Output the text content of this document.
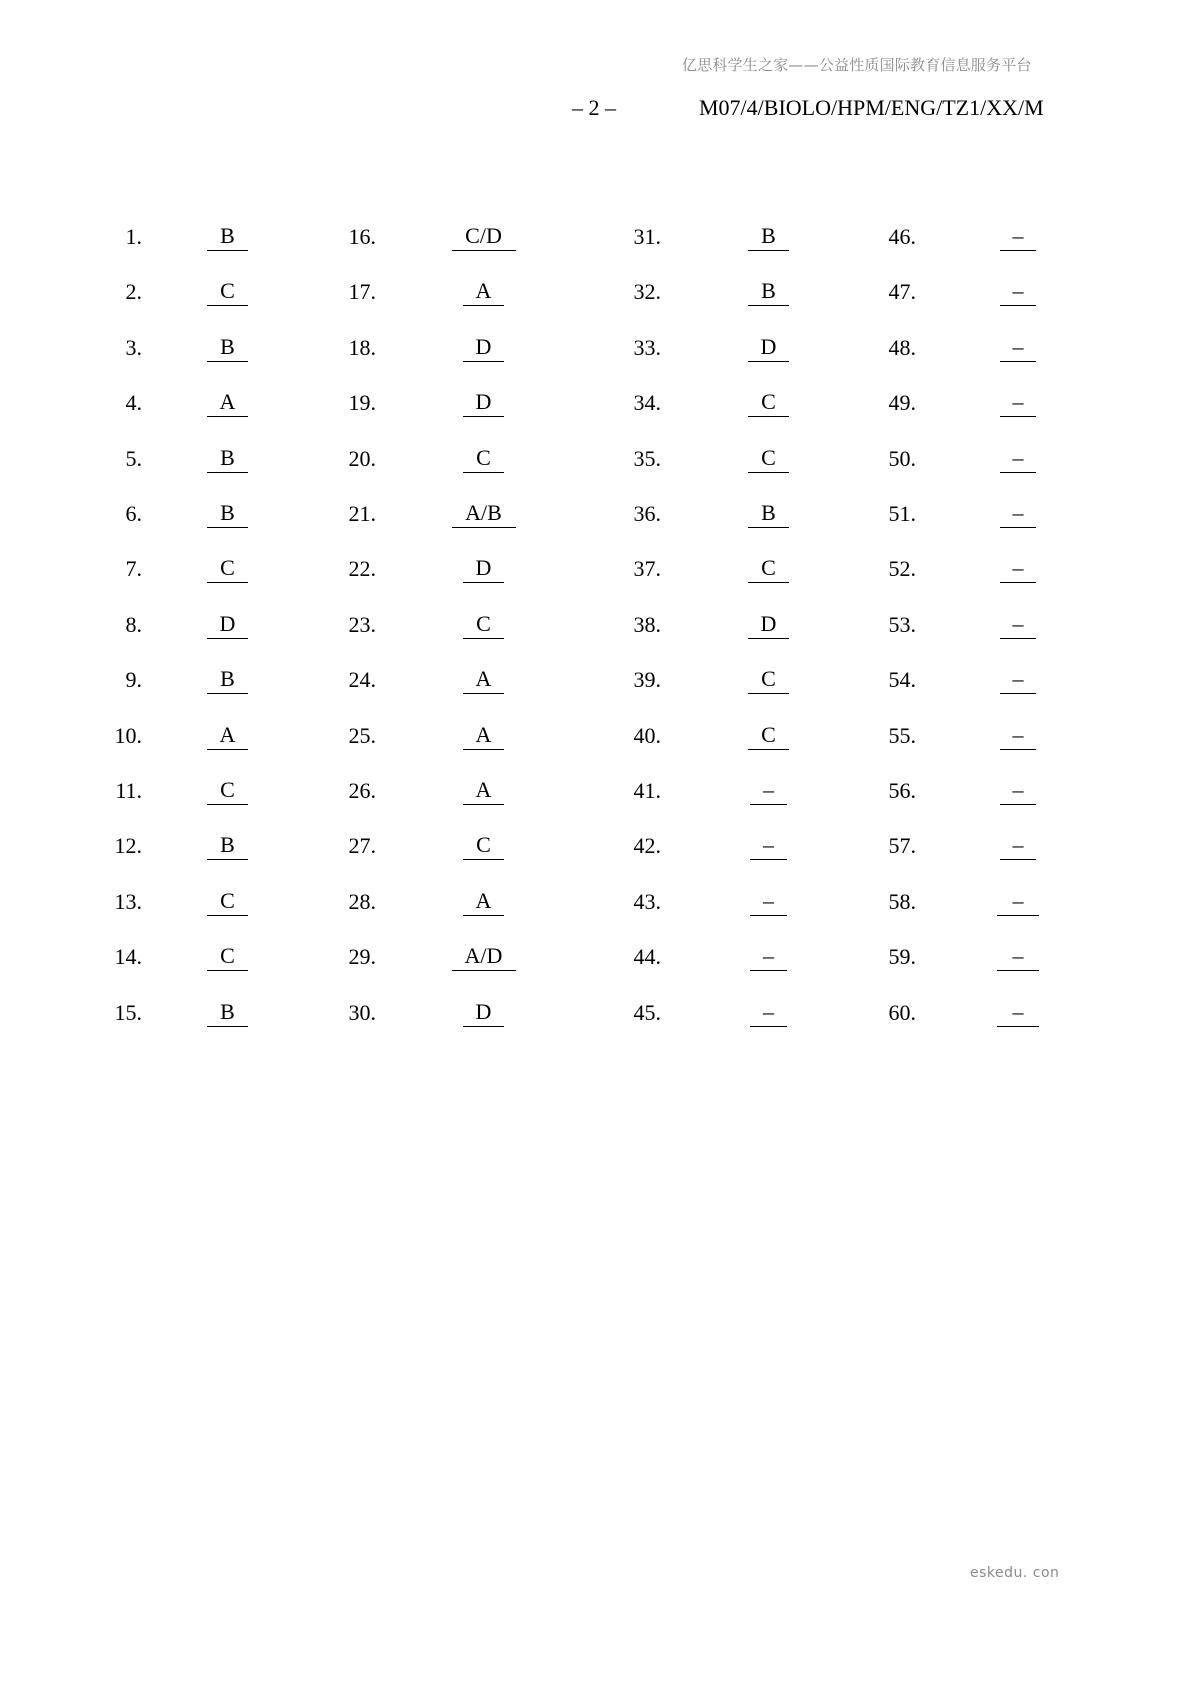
亿思科学生之家——公益性质国际教育信息服务平台
– 2 –	M07/4/BIOLO/HPM/ENG/TZ1/XX/M
1.	B
2.	C
3.	B
4.	A
5.	B
6.	B
7.	C
8.	D
9.	B
10.	A
11.	C
12.	B
13.	C
14.	C
15.	B
16.	C/D
17.	A
18.	D
19.	D
20.	C
21.	A/B
22.	D
23.	C
24.	A
25.	A
26.	A
27.	C
28.	A
29.	A/D
30.	D
31.	B
32.	B
33.	D
34.	C
35.	C
36.	B
37.	C
38.	D
39.	C
40.	C
41.	–
42.	–
43.	–
44.	–
45.	–
46.	–
47.	–
48.	–
49.	–
50.	–
51.	–
52.	–
53.	–
54.	–
55.	–
56.	–
57.	–
58.	–
59.	–
60.	–
eskedu. con
